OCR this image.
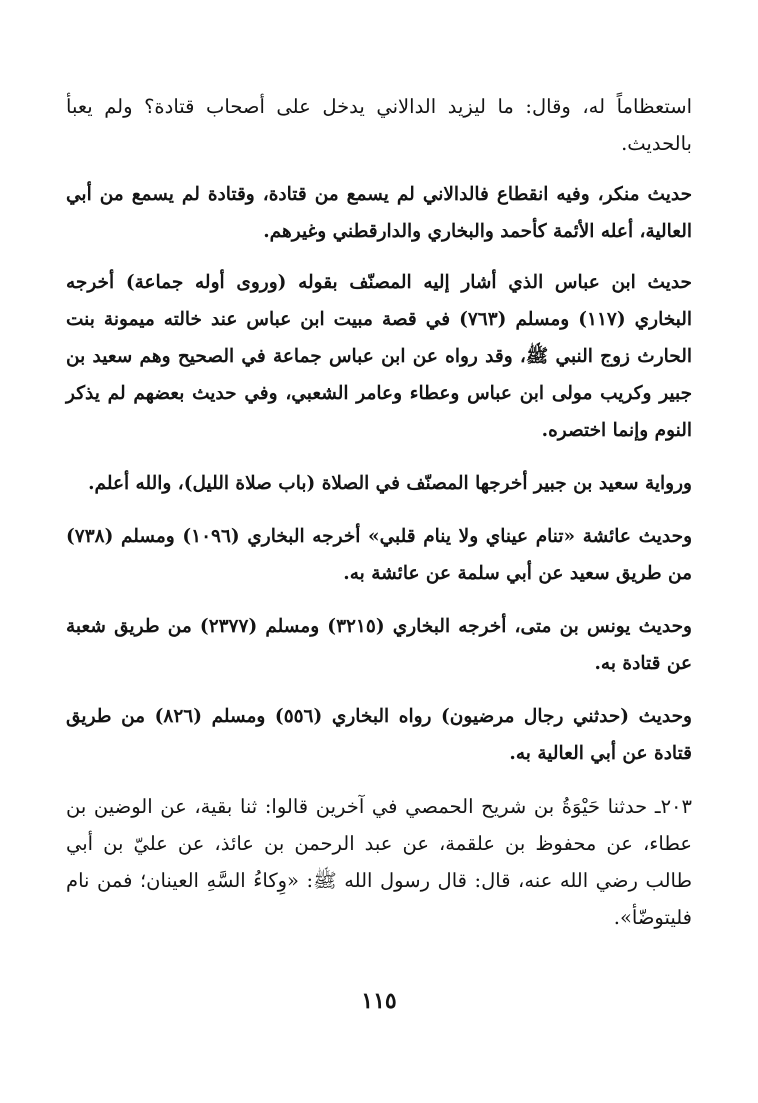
استعظاماً له، وقال: ما ليزيد الدالاني يدخل على أصحاب قتادة؟ ولم يعبأ بالحديث.

حديث منكر، وفيه انقطاع فالدالاني لم يسمع من قتادة، وقتادة لم يسمع من أبي العالية، أعله الأئمة كأحمد والبخاري والدارقطني وغيرهم.

حديث ابن عباس الذي أشار إليه المصنّف بقوله (وروى أوله جماعة) أخرجه البخاري (١١٧) ومسلم (٧٦٣) في قصة مبيت ابن عباس عند خالته ميمونة بنت الحارث زوج النبي ﷺ، وقد رواه عن ابن عباس جماعة في الصحيح وهم سعيد بن جبير وكريب مولى ابن عباس وعطاء وعامر الشعبي، وفي حديث بعضهم لم يذكر النوم وإنما اختصره.

ورواية سعيد بن جبير أخرجها المصنّف في الصلاة (باب صلاة الليل)، والله أعلم.

وحديث عائشة «تنام عيناي ولا ينام قلبي» أخرجه البخاري (١٠٩٦) ومسلم (٧٣٨) من طريق سعيد عن أبي سلمة عن عائشة به.

وحديث يونس بن متى، أخرجه البخاري (٣٢١٥) ومسلم (٢٣٧٧) من طريق شعبة عن قتادة به.

وحديث (حدثني رجال مرضيون) رواه البخاري (٥٥٦) ومسلم (٨٢٦) من طريق قتادة عن أبي العالية به.

٢٠٣ـ حدثنا حَيْوَةُ بن شريح الحمصي في آخرين قالوا: ثنا بقية، عن الوضين بن عطاء، عن محفوظ بن علقمة، عن عبد الرحمن بن عائذ، عن عليّ بن أبي طالب رضي الله عنه، قال: قال رسول الله ﷺ: «وِكاءُ السَّهِ العينان؛ فمن نام فليتوضّأ».

١١٥
